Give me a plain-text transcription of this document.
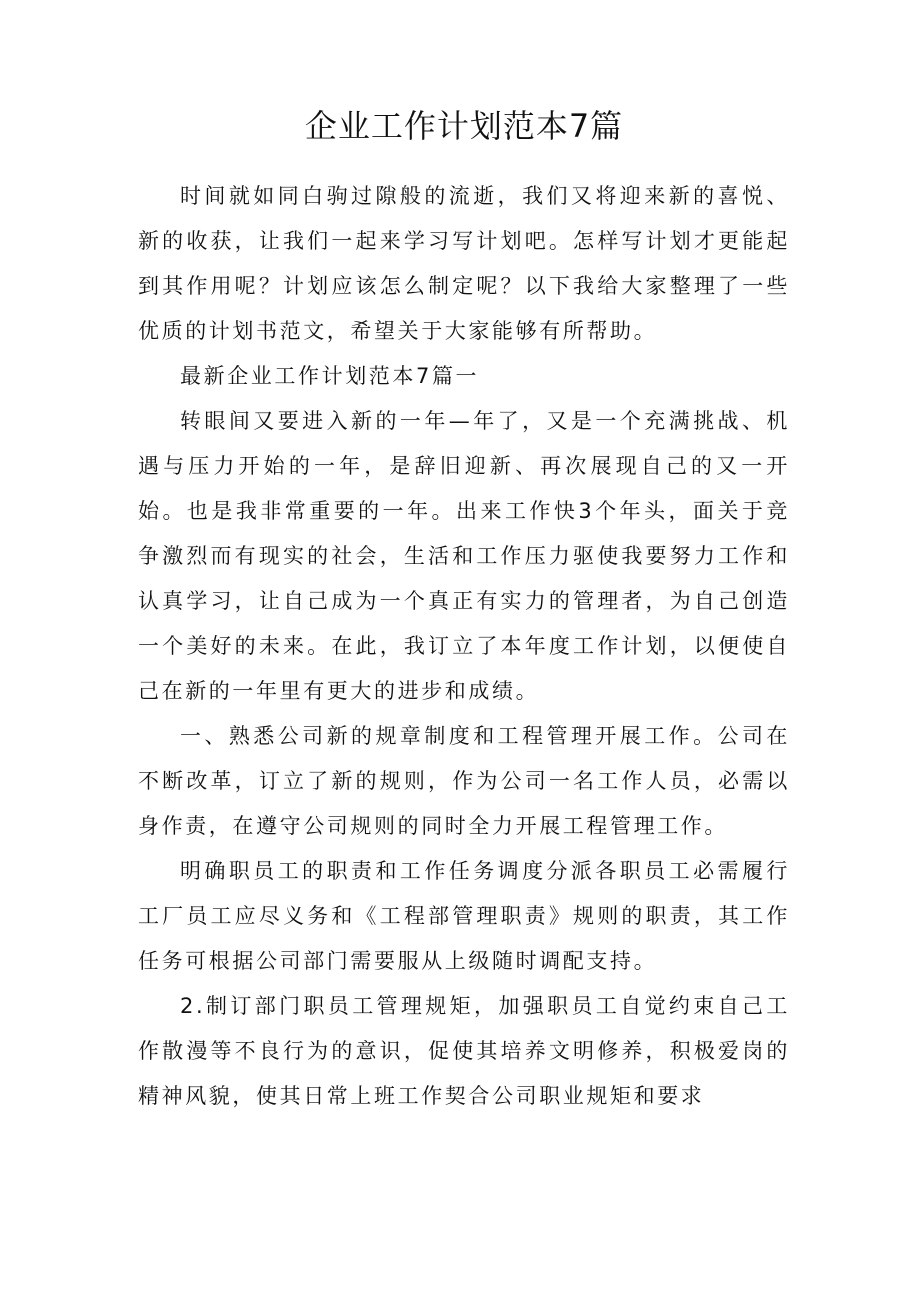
企业工作计划范本7篇

时间就如同白驹过隙般的流逝，我们又将迎来新的喜悦、新的收获，让我们一起来学习写计划吧。怎样写计划才更能起到其作用呢？计划应该怎么制定呢？以下我给大家整理了一些优质的计划书范文，希望关于大家能够有所帮助。

最新企业工作计划范本7篇一

转眼间又要进入新的一年—年了，又是一个充满挑战、机遇与压力开始的一年，是辞旧迎新、再次展现自己的又一开始。也是我非常重要的一年。出来工作快3个年头，面关于竞争激烈而有现实的社会，生活和工作压力驱使我要努力工作和认真学习，让自己成为一个真正有实力的管理者，为自己创造一个美好的未来。在此，我订立了本年度工作计划，以便使自己在新的一年里有更大的进步和成绩。

一、熟悉公司新的规章制度和工程管理开展工作。公司在不断改革，订立了新的规则，作为公司一名工作人员，必需以身作责，在遵守公司规则的同时全力开展工程管理工作。

明确职员工的职责和工作任务调度分派各职员工必需履行工厂员工应尽义务和《工程部管理职责》规则的职责，其工作任务可根据公司部门需要服从上级随时调配支持。

2.制订部门职员工管理规矩，加强职员工自觉约束自己工作散漫等不良行为的意识，促使其培养文明修养，积极爱岗的精神风貌，使其日常上班工作契合公司职业规矩和要求
